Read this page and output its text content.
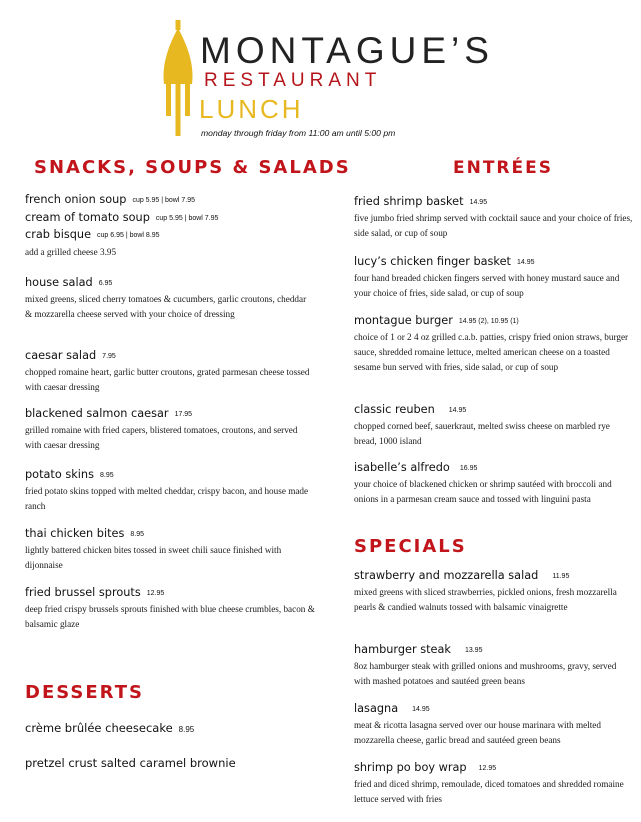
MONTAGUE’S
RESTAURANT
LUNCH
monday through friday from 11:00 am until 5:00 pm
SNACKS, SOUPS & SALADS
french onion soup cup 5.95 | bowl 7.95
cream of tomato soup cup 5.95 | bowl 7.95
crab bisque cup 6.95 | bowl 8.95
add a grilled cheese 3.95
house salad 6.95
mixed greens, sliced cherry tomatoes & cucumbers, garlic croutons, cheddar & mozzarella cheese served with your choice of dressing
caesar salad 7.95
chopped romaine heart, garlic butter croutons, grated parmesan cheese tossed with caesar dressing
blackened salmon caesar 17.95
grilled romaine with fried capers, blistered tomatoes, croutons, and served with caesar dressing
potato skins 8.95
fried potato skins topped with melted cheddar, crispy bacon, and house made ranch
thai chicken bites 8.95
lightly battered chicken bites tossed in sweet chili sauce finished with dijonnaise
fried brussel sprouts 12.95
deep fried crispy brussels sprouts finished with blue cheese crumbles, bacon & balsamic glaze
DESSERTS
crème brûlée cheesecake 8.95
pretzel crust salted caramel brownie
ENTRÉES
fried shrimp basket 14.95
five jumbo fried shrimp served with cocktail sauce and your choice of fries, side salad, or cup of soup
lucy’s chicken finger basket 14.95
four hand breaded chicken fingers served with honey mustard sauce and your choice of fries, side salad, or cup of soup
montague burger 14.95 (2), 10.95 (1)
choice of 1 or 2 4 oz grilled c.a.b. patties, crispy fried onion straws, burger sauce, shredded romaine lettuce, melted american cheese on a toasted sesame bun served with fries, side salad, or cup of soup
classic reuben 14.95
chopped corned beef, sauerkraut, melted swiss cheese on marbled rye bread, 1000 island
isabelle’s alfredo 16.95
your choice of blackened chicken or shrimp sautéed with broccoli and onions in a parmesan cream sauce and tossed with linguini pasta
SPECIALS
strawberry and mozzarella salad 11.95
mixed greens with sliced strawberries, pickled onions, fresh mozzarella pearls & candied walnuts tossed with balsamic vinaigrette
hamburger steak 13.95
8oz hamburger steak with grilled onions and mushrooms, gravy, served with mashed potatoes and sautéed green beans
lasagna 14.95
meat & ricotta lasagna served over our house marinara with melted mozzarella cheese, garlic bread and sautéed green beans
shrimp po boy wrap 12.95
fried and diced shrimp, remoulade, diced tomatoes and shredded romaine lettuce served with fries
